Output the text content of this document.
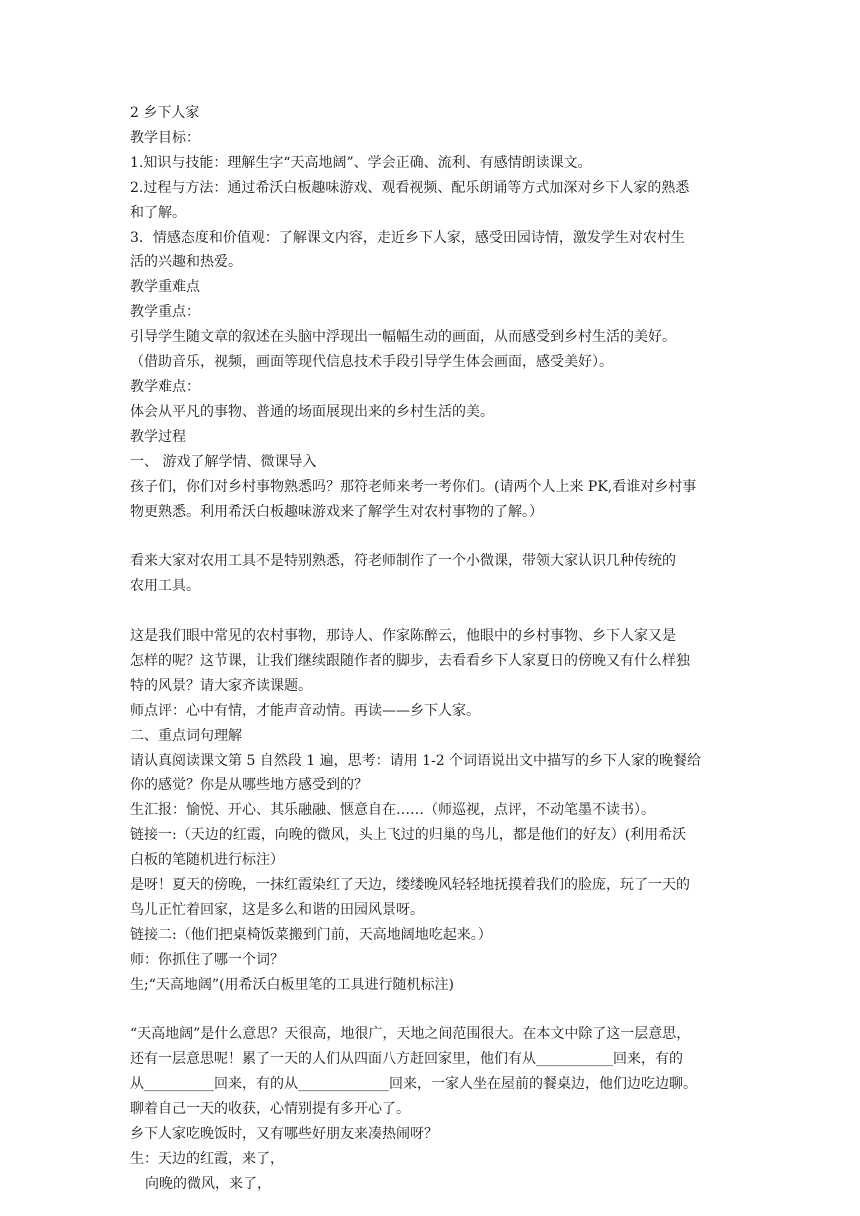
2 乡下人家
教学目标：
1.知识与技能：理解生字“天高地阔”、学会正确、流利、有感情朗读课文。
2.过程与方法：通过希沃白板趣味游戏、观看视频、配乐朗诵等方式加深对乡下人家的熟悉
和了解。
3．情感态度和价值观：了解课文内容，走近乡下人家，感受田园诗情，激发学生对农村生
活的兴趣和热爱。
教学重难点
教学重点：
引导学生随文章的叙述在头脑中浮现出一幅幅生动的画面，从而感受到乡村生活的美好。
（借助音乐，视频，画面等现代信息技术手段引导学生体会画面，感受美好）。
教学难点：
体会从平凡的事物、普通的场面展现出来的乡村生活的美。
教学过程
一、 游戏了解学情、微课导入
孩子们，你们对乡村事物熟悉吗？那符老师来考一考你们。(请两个人上来 PK,看谁对乡村事
物更熟悉。利用希沃白板趣味游戏来了解学生对农村事物的了解。）
看来大家对农用工具不是特别熟悉，符老师制作了一个小微课，带领大家认识几种传统的
农用工具。
这是我们眼中常见的农村事物，那诗人、作家陈醉云，他眼中的乡村事物、乡下人家又是
怎样的呢？这节课，让我们继续跟随作者的脚步，去看看乡下人家夏日的傍晚又有什么样独
特的风景？请大家齐读课题。
师点评：心中有情，才能声音动情。再读——乡下人家。
二、重点词句理解
请认真阅读课文第 5 自然段 1 遍，思考：请用 1-2 个词语说出文中描写的乡下人家的晚餐给
你的感觉？你是从哪些地方感受到的？
生汇报：愉悦、开心、其乐融融、惬意自在……（师巡视，点评，不动笔墨不读书）。
链接一:（天边的红霞，向晚的微风，头上飞过的归巢的鸟儿，都是他们的好友）(利用希沃
白板的笔随机进行标注）
是呀！夏天的傍晚，一抹红霞染红了天边，缕缕晚风轻轻地抚摸着我们的脸庞，玩了一天的
鸟儿正忙着回家，这是多么和谐的田园风景呀。
链接二:（他们把桌椅饭菜搬到门前，天高地阔地吃起来。）
师：你抓住了哪一个词？
生;“天高地阔”(用希沃白板里笔的工具进行随机标注)
“天高地阔”是什么意思？天很高，地很广，天地之间范围很大。在本文中除了这一层意思，
还有一层意思呢！累了一天的人们从四面八方赶回家里，他们有从___________回来，有的
从__________回来，有的从_____________回来，一家人坐在屋前的餐桌边，他们边吃边聊。
聊着自己一天的收获，心情别提有多开心了。
乡下人家吃晚饭时，又有哪些好朋友来凑热闹呀？
生：天边的红霞，来了，
向晚的微风，来了，
